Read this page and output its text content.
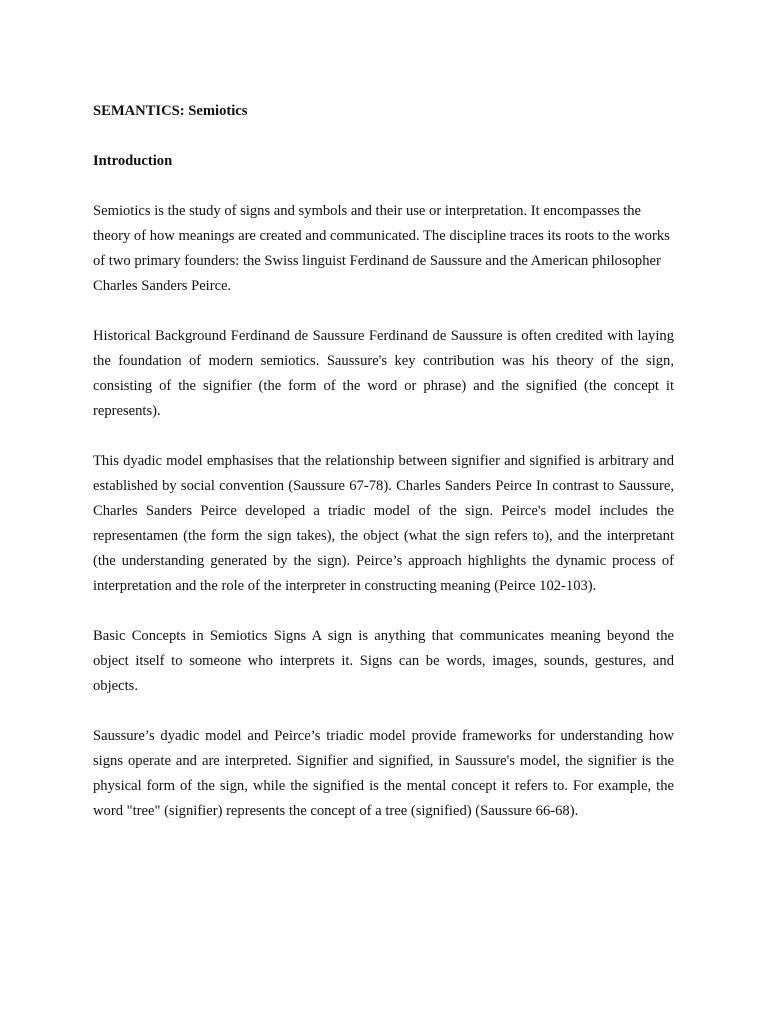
SEMANTICS: Semiotics

Introduction

Semiotics is the study of signs and symbols and their use or interpretation. It encompasses the theory of how meanings are created and communicated. The discipline traces its roots to the works of two primary founders: the Swiss linguist Ferdinand de Saussure and the American philosopher Charles Sanders Peirce.

Historical Background Ferdinand de Saussure Ferdinand de Saussure is often credited with laying the foundation of modern semiotics. Saussure's key contribution was his theory of the sign, consisting of the signifier (the form of the word or phrase) and the signified (the concept it represents).

This dyadic model emphasises that the relationship between signifier and signified is arbitrary and established by social convention (Saussure 67-78). Charles Sanders Peirce In contrast to Saussure, Charles Sanders Peirce developed a triadic model of the sign. Peirce's model includes the representamen (the form the sign takes), the object (what the sign refers to), and the interpretant (the understanding generated by the sign). Peirce’s approach highlights the dynamic process of interpretation and the role of the interpreter in constructing meaning (Peirce 102-103).

Basic Concepts in Semiotics Signs A sign is anything that communicates meaning beyond the object itself to someone who interprets it. Signs can be words, images, sounds, gestures, and objects.

Saussure’s dyadic model and Peirce’s triadic model provide frameworks for understanding how signs operate and are interpreted. Signifier and signified, in Saussure's model, the signifier is the physical form of the sign, while the signified is the mental concept it refers to. For example, the word "tree" (signifier) represents the concept of a tree (signified) (Saussure 66-68).
